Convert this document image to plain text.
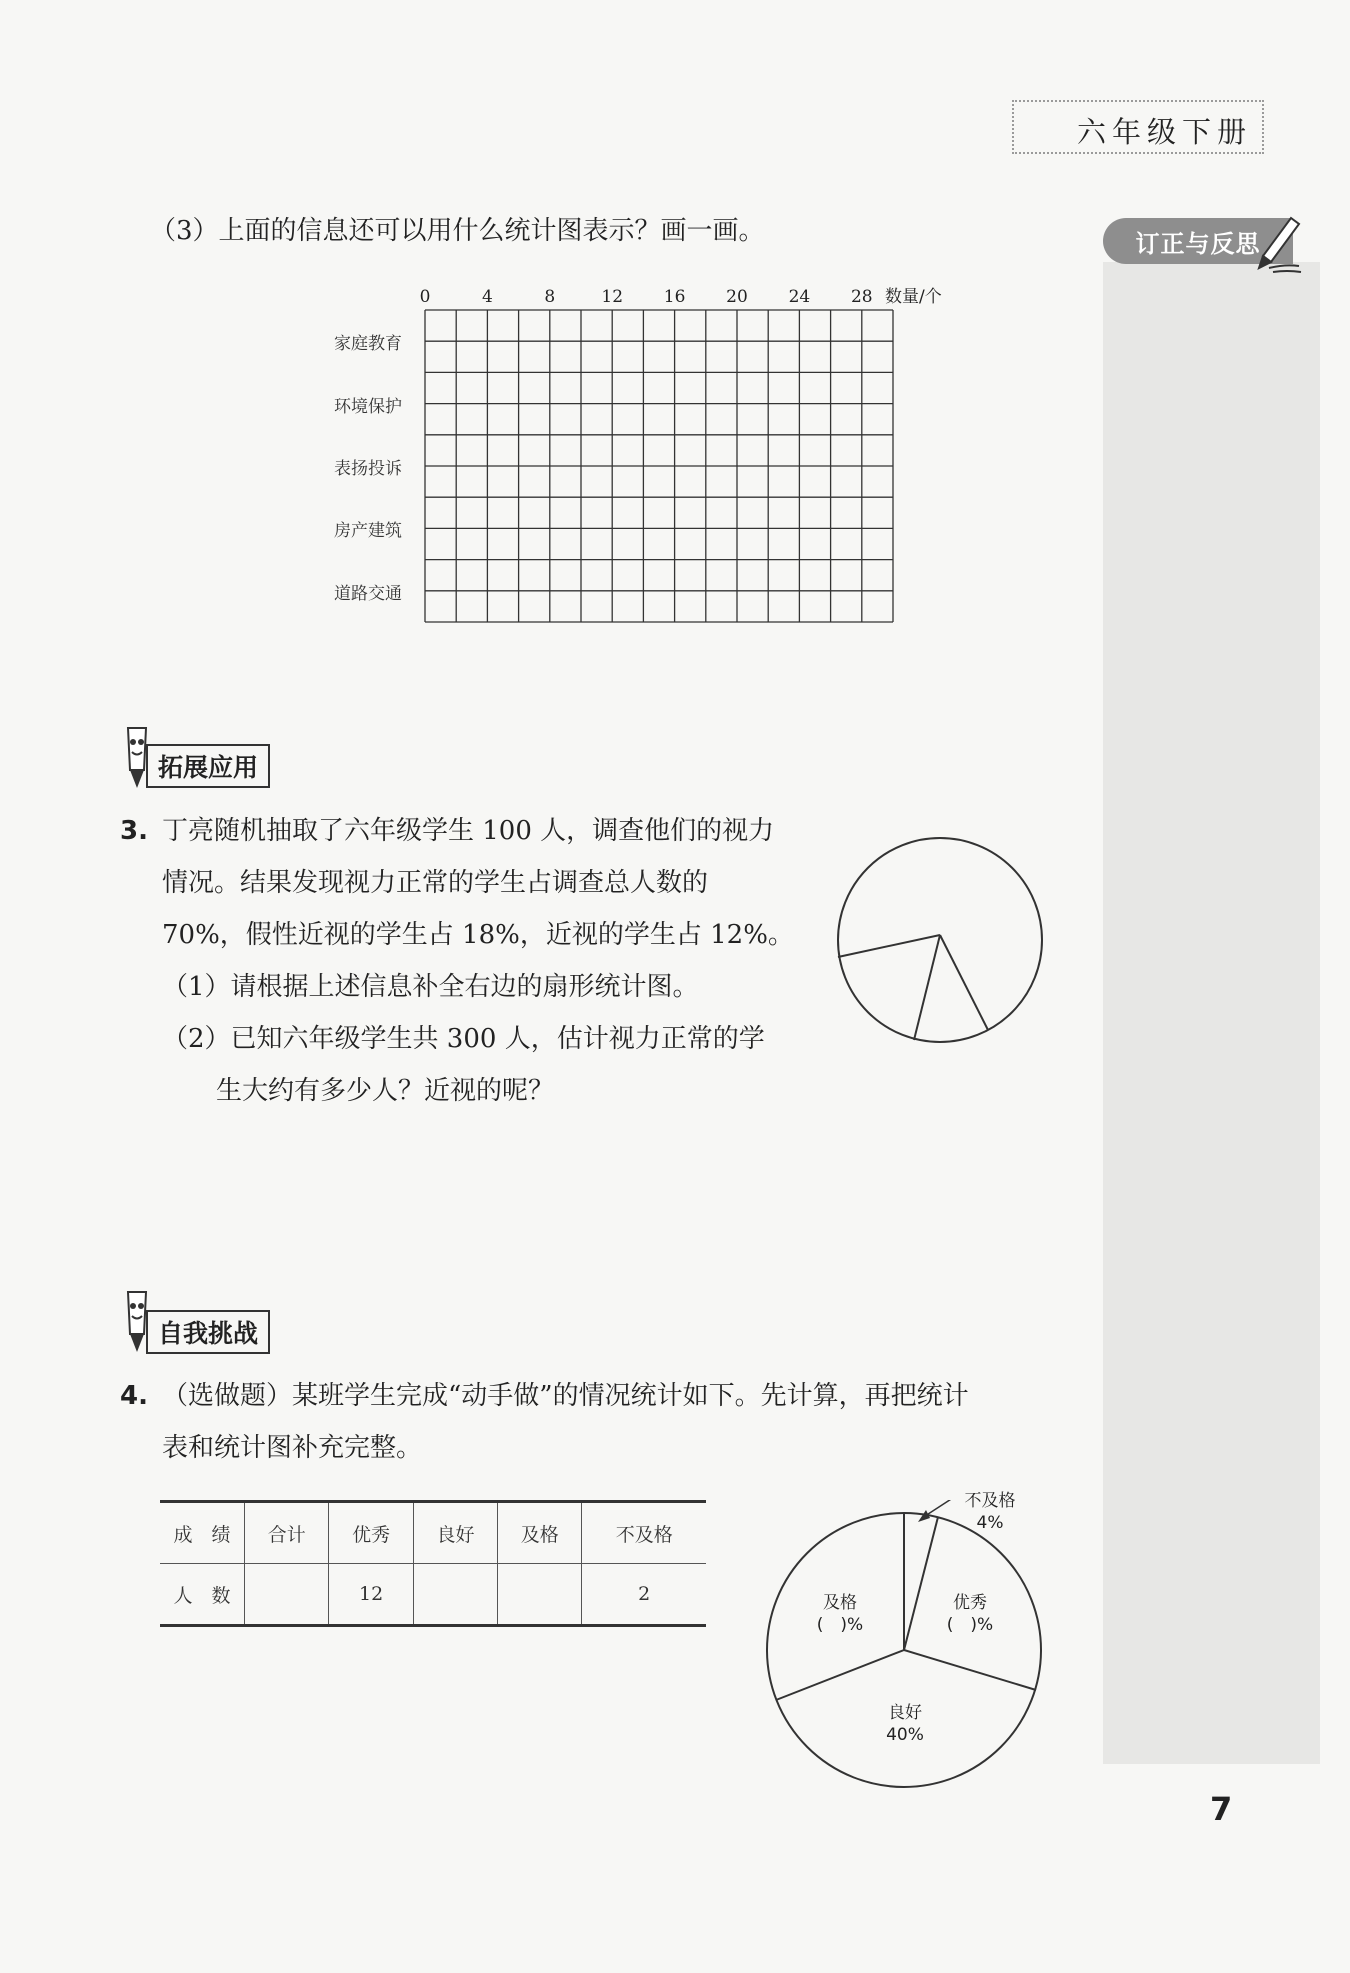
六年级下册
订正与反思
（3）上面的信息还可以用什么统计图表示？画一画。
0	4	8	12 16 20 24 28 数量/个
家庭教育
环境保护
表扬投诉
房产建筑
道路交通
拓展应用
3. 丁亮随机抽取了六年级学生 100 人，调查他们的视力
情况。结果发现视力正常的学生占调查总人数的
70%，假性近视的学生占 18%，近视的学生占 12%。
（1）请根据上述信息补全右边的扇形统计图。
（2）已知六年级学生共 300 人，估计视力正常的学
生大约有多少人？近视的呢？
自我挑战
4. （选做题）某班学生完成“动手做”的情况统计如下。先计算，再把统计
表和统计图补充完整。
成　绩	合计	优秀	良好	及格	不及格
人　数		12			2
不及格
4%
优秀
(　)%
及格
(　)%
良好
40%
7
